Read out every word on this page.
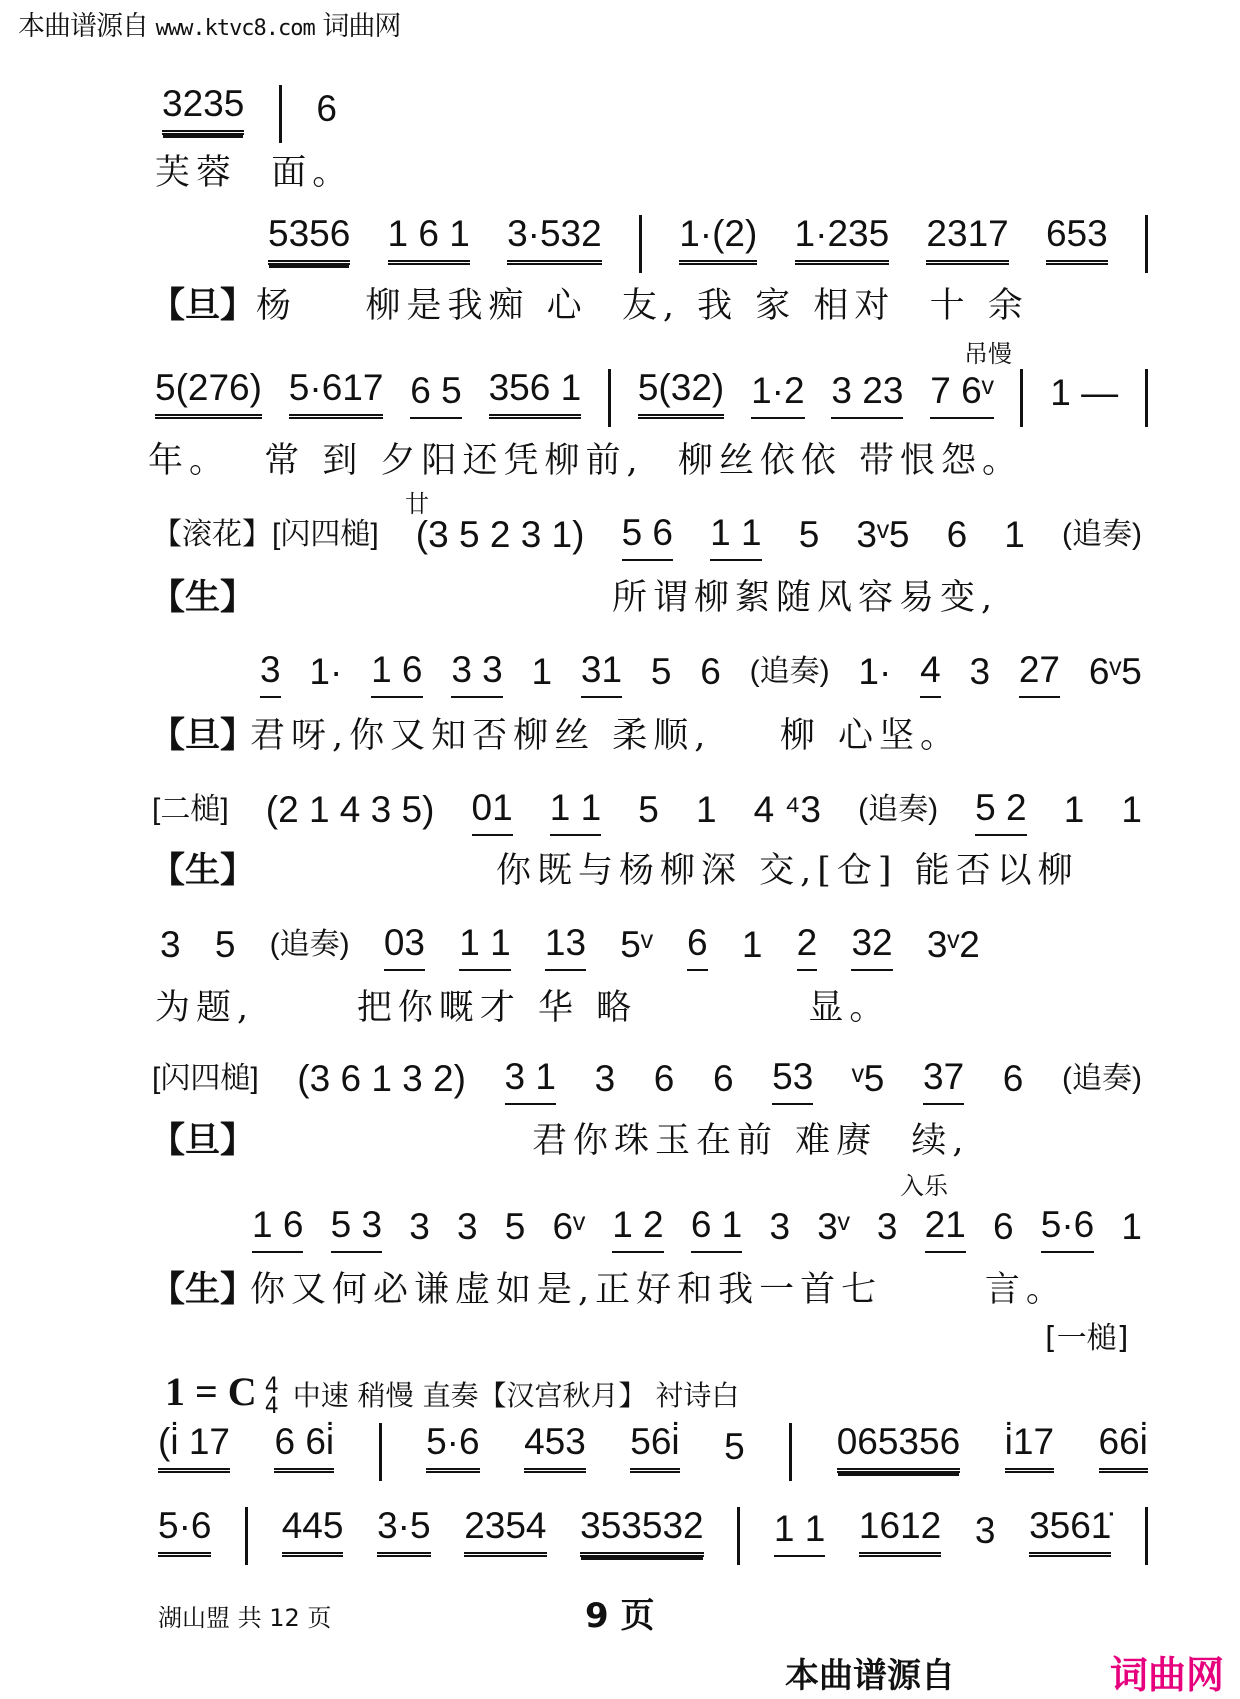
本曲谱源自 www.ktvc8.com 词曲网
3235 6
5356 1 6 1 3·532 1·(2) 1·235 2317 653
5(276) 5·617 6 5 356 1 5(32) 1·2 3 23 7 6ᵛ 1 —
【滚花】[闪四槌] (3 5 2 3 1) 5 6 1 1 5 3ᵛ5 6 1 (追奏)
3 1· 1 6 3 3 1 31 5 6 (追奏) 1· 4 3 27 6ᵛ5
[二槌] (2 1 4 3 5) 01 1 1 5 1 4 ⁴3 (追奏) 5 2 1 1
3 5 (追奏) 03 1 1 13 5ᵛ 6 1 2 32 3ᵛ2
[闪四槌] (3 6 1 3 2) 3 1 3 6 6 53 ᵛ5 37 6 (追奏)
1 6 5 3 3 3 5 6ᵛ 1 2 6 1 3 3ᵛ 3 21 6 5·6 1
(i̇ 17 6 6i̇ 5·6 453 56i̇ 5 065356 i̇17 66i̇
5·6 445 3·5 2354 353532 1 1 1612 3 3561̇
芙蓉  面。
【旦】 杨    柳是我痴 心  友, 我 家 相对  十 余
年。  常 到 夕阳还凭柳前,  柳丝依依 带恨怨。
【生】	所谓柳絮随风容易变,
【旦】
君呀,你又知否柳丝 柔顺,    柳 心坚。
【生】	你既与杨柳深 交,[仓] 能否以柳
为题,      把你嘅才 华 略          显。
【旦】	君你珠玉在前 难赓  续,
【生】
你又何必谦虚如是,正好和我一首七      言。
吊慢
廿
入乐
[一槌]
1 = C 4
4 中速 稍慢 直奏【汉宫秋月】 衬诗白
湖山盟 共 12 页	9 页
本曲谱源自	词曲网
